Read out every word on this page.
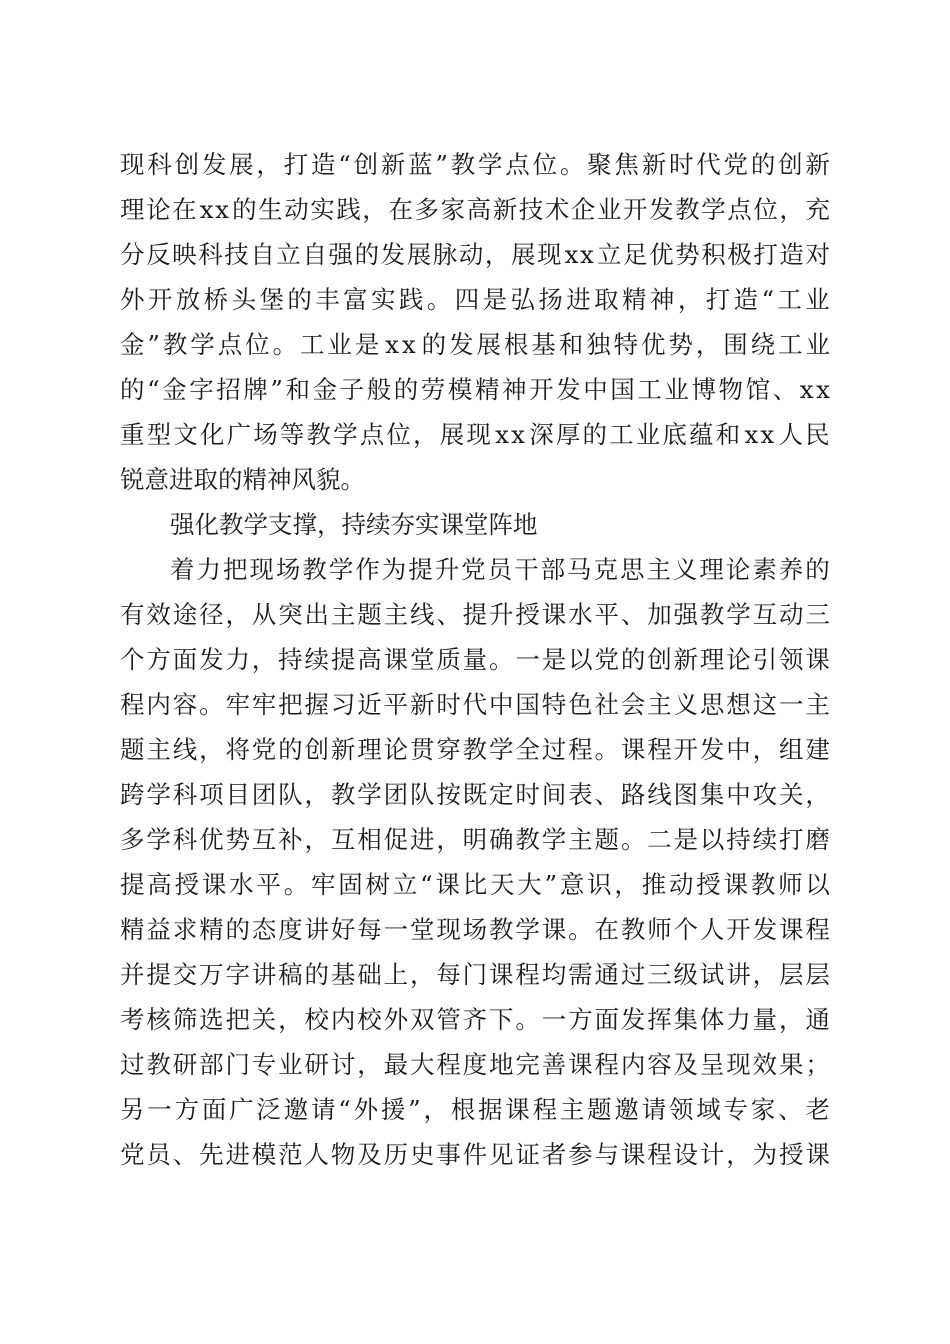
现 科 创 发 展 ， 打 造 “ 创 新 蓝 ” 教 学 点 位 。 聚 焦 新 时 代 党 的 创 新
理 论 在 x x 的 生 动 实 践 ， 在 多 家 高 新 技 术 企 业 开 发 教 学 点 位 ， 充
分 反 映 科 技 自 立 自 强 的 发 展 脉 动 ， 展 现 x x 立 足 优 势 积 极 打 造 对
外 开 放 桥 头 堡 的 丰 富 实 践 。 四 是 弘 扬 进 取 精 神 ， 打 造 “ 工 业
金 ” 教 学 点 位 。 工 业 是 x x 的 发 展 根 基 和 独 特 优 势 ， 围 绕 工 业
的 “ 金 字 招 牌 ” 和 金 子 般 的 劳 模 精 神 开 发 中 国 工 业 博 物 馆 、 x x
重 型 文 化 广 场 等 教 学 点 位 ， 展 现 x x 深 厚 的 工 业 底 蕴 和 x x 人 民
锐意进取的精神风貌。
强化教学支撑，持续夯实课堂阵地
着 力 把 现 场 教 学 作 为 提 升 党 员 干 部 马 克 思 主 义 理 论 素 养 的
有 效 途 径 ， 从 突 出 主 题 主 线 、 提 升 授 课 水 平 、 加 强 教 学 互 动 三
个 方 面 发 力 ， 持 续 提 高 课 堂 质 量 。 一 是 以 党 的 创 新 理 论 引 领 课
程 内 容 。 牢 牢 把 握 习 近 平 新 时 代 中 国 特 色 社 会 主 义 思 想 这 一 主
题 主 线 ， 将 党 的 创 新 理 论 贯 穿 教 学 全 过 程 。 课 程 开 发 中 ， 组 建
跨 学 科 项 目 团 队 ， 教 学 团 队 按 既 定 时 间 表 、 路 线 图 集 中 攻 关 ，
多 学 科 优 势 互 补 ， 互 相 促 进 ， 明 确 教 学 主 题 。 二 是 以 持 续 打 磨
提 高 授 课 水 平 。 牢 固 树 立 “ 课 比 天 大 ” 意 识 ， 推 动 授 课 教 师 以
精 益 求 精 的 态 度 讲 好 每 一 堂 现 场 教 学 课 。 在 教 师 个 人 开 发 课 程
并 提 交 万 字 讲 稿 的 基 础 上 ， 每 门 课 程 均 需 通 过 三 级 试 讲 ， 层 层
考 核 筛 选 把 关 ， 校 内 校 外 双 管 齐 下 。 一 方 面 发 挥 集 体 力 量 ， 通
过 教 研 部 门 专 业 研 讨 ， 最 大 程 度 地 完 善 课 程 内 容 及 呈 现 效 果 ；
另 一 方 面 广 泛 邀 请 “ 外 援 ” ， 根 据 课 程 主 题 邀 请 领 域 专 家 、 老
党 员 、 先 进 模 范 人 物 及 历 史 事 件 见 证 者 参 与 课 程 设 计 ， 为 授 课
